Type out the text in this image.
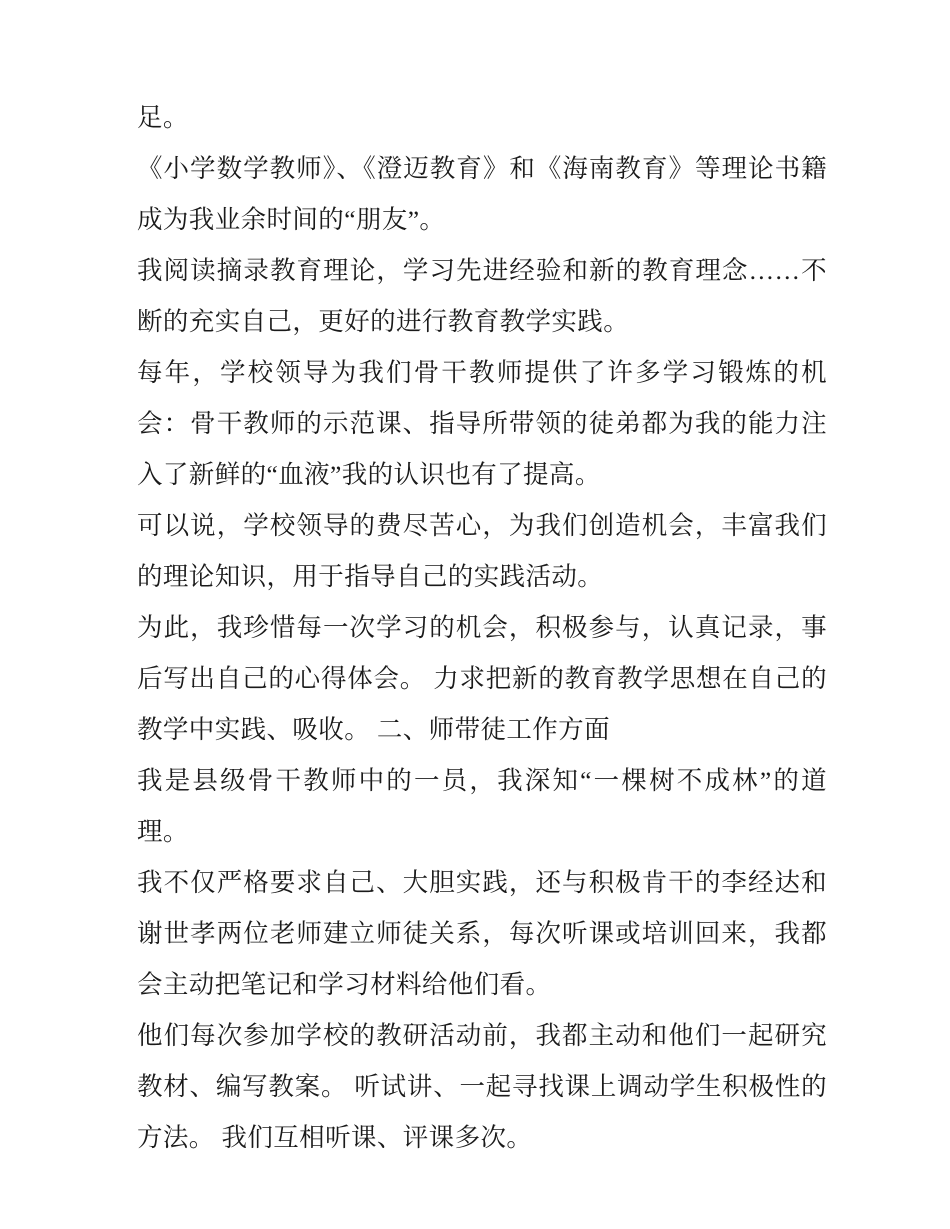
足。

《小学数学教师》、《澄迈教育》和《海南教育》等理论书籍成为我业余时间的“朋友”。

我阅读摘录教育理论，学习先进经验和新的教育理念……不断的充实自己，更好的进行教育教学实践。

每年，学校领导为我们骨干教师提供了许多学习锻炼的机会：骨干教师的示范课、指导所带领的徒弟都为我的能力注入了新鲜的“血液”我的认识也有了提高。

可以说，学校领导的费尽苦心，为我们创造机会，丰富我们的理论知识，用于指导自己的实践活动。

为此，我珍惜每一次学习的机会，积极参与，认真记录，事后写出自己的心得体会。 力求把新的教育教学思想在自己的教学中实践、吸收。 二、师带徒工作方面

我是县级骨干教师中的一员，我深知“一棵树不成林”的道理。

我不仅严格要求自己、大胆实践，还与积极肯干的李经达和谢世孝两位老师建立师徒关系，每次听课或培训回来，我都会主动把笔记和学习材料给他们看。

他们每次参加学校的教研活动前，我都主动和他们一起研究教材、编写教案。 听试讲、一起寻找课上调动学生积极性的方法。 我们互相听课、评课多次。
